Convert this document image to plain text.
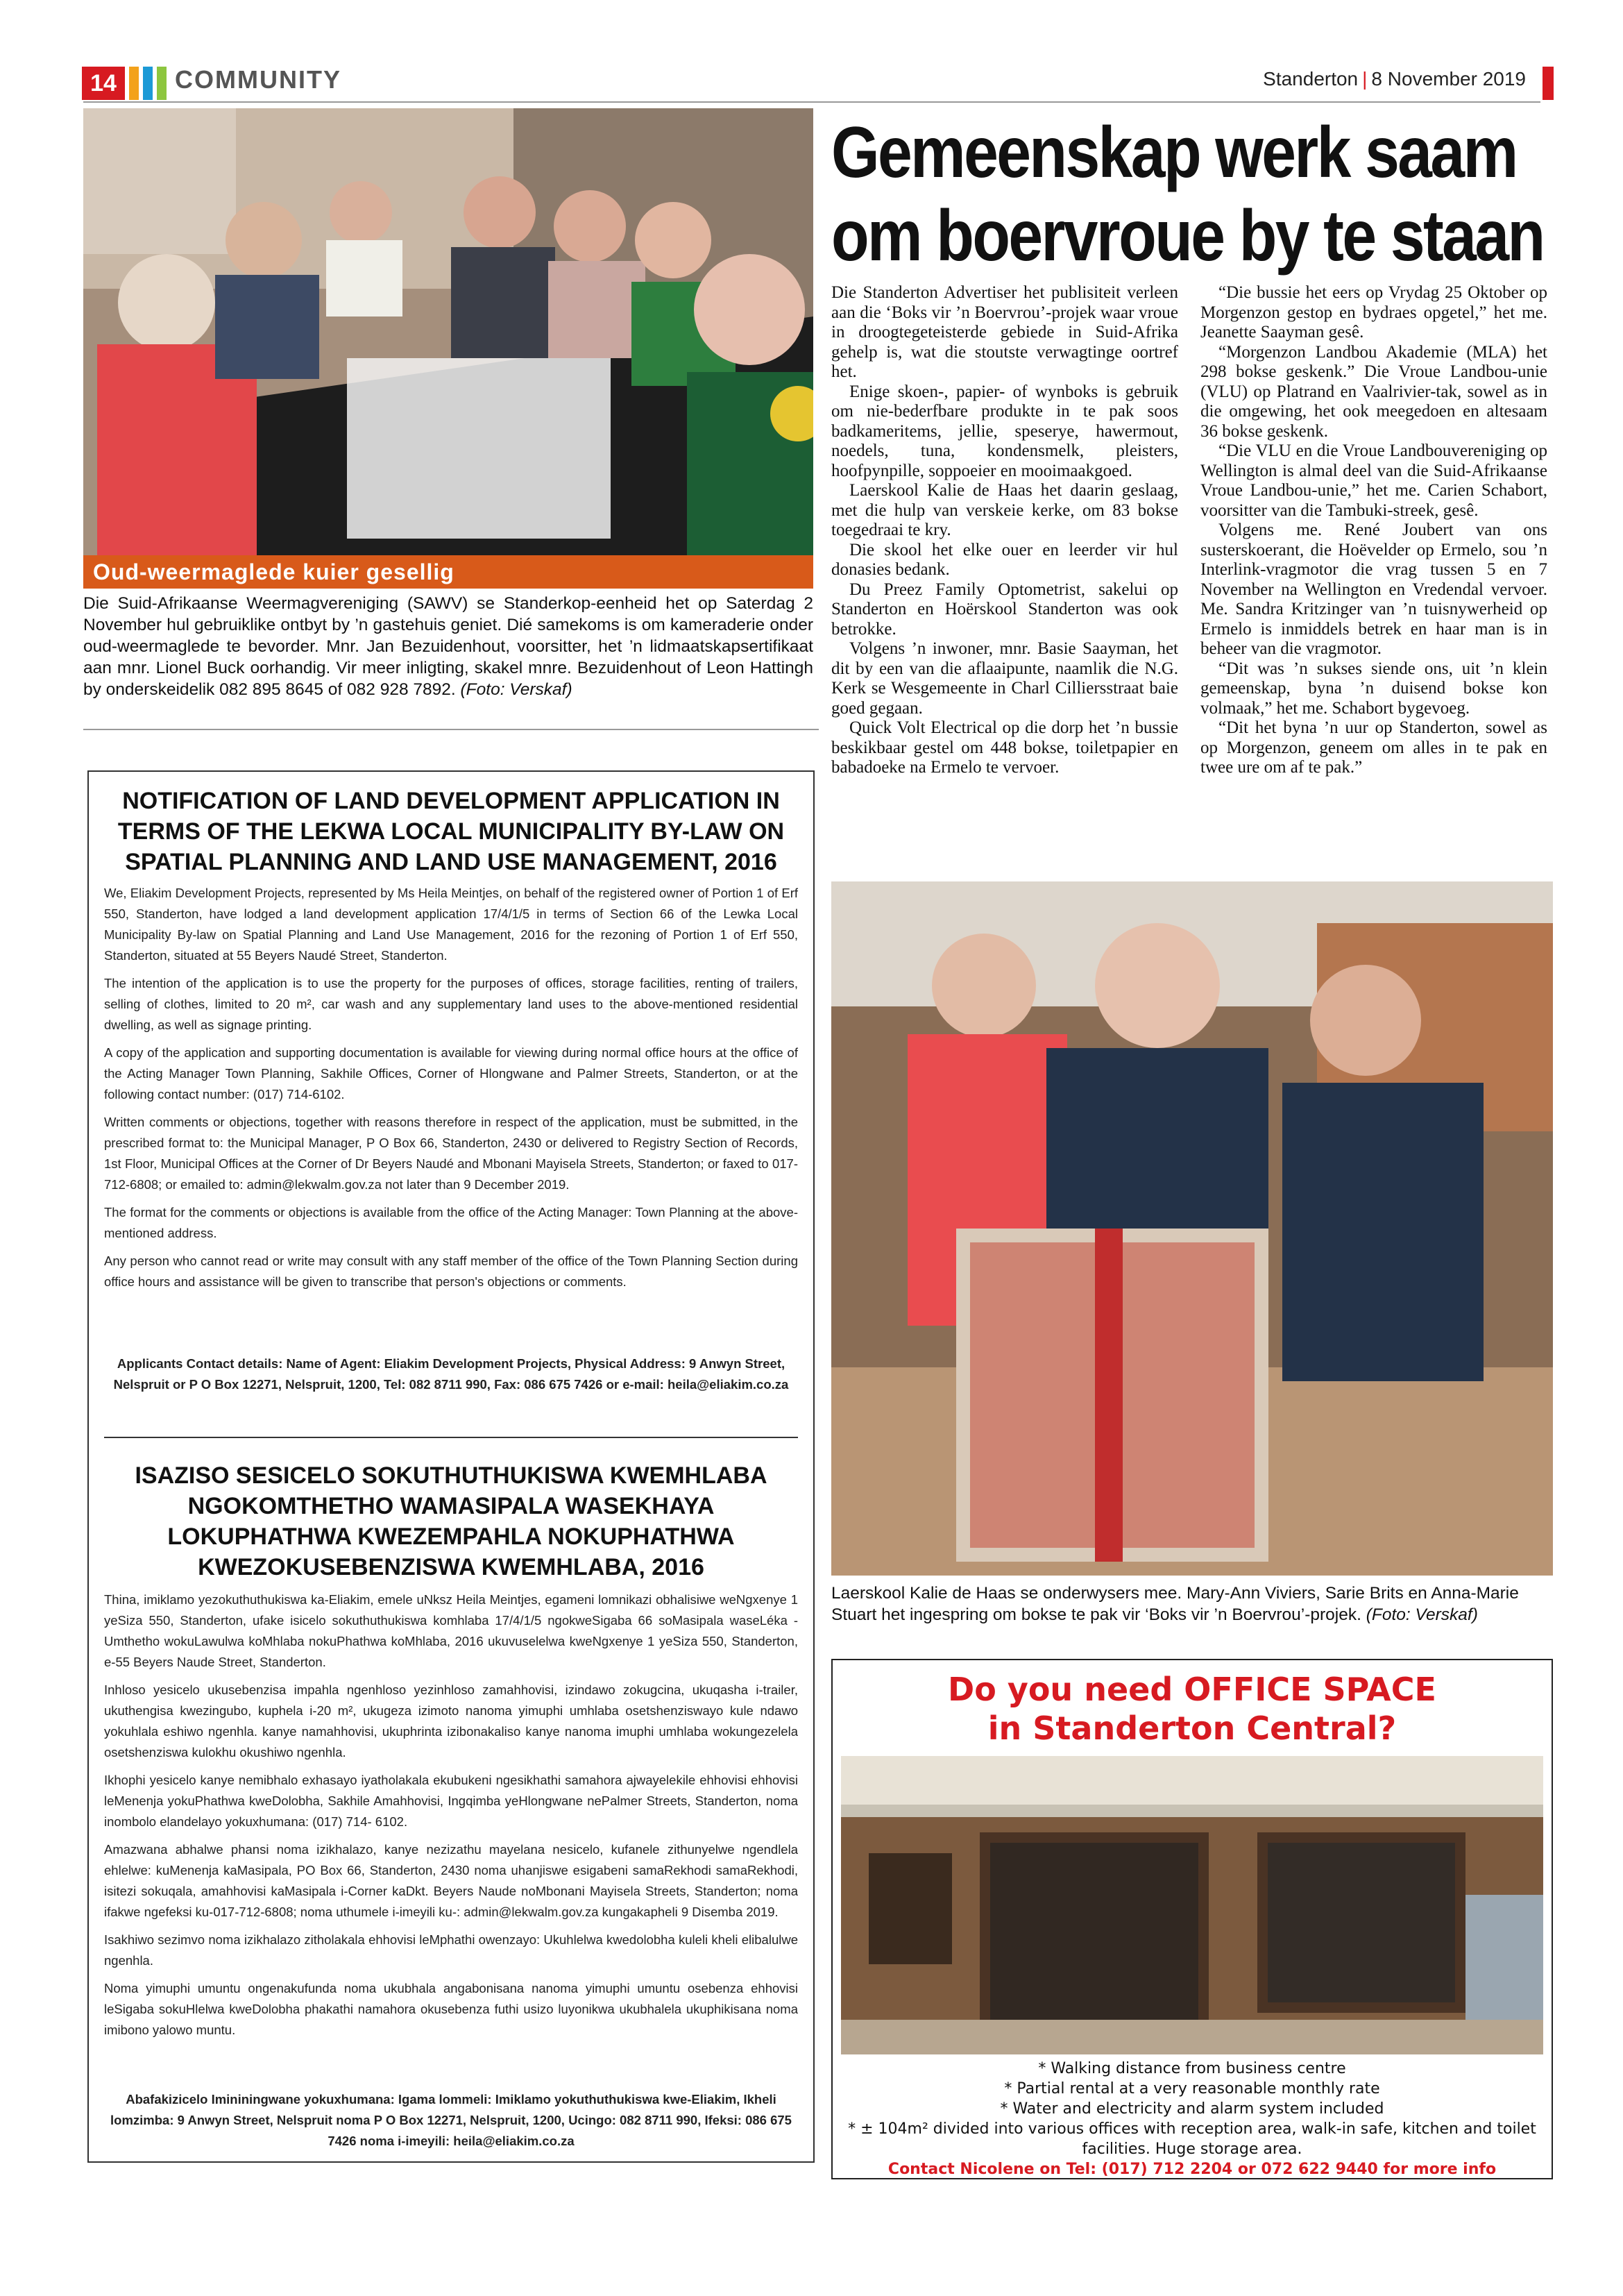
14	COMMUNITY	Standerton | 8 November 2019
Oud-weermaglede kuier gesellig
Die Suid-Afrikaanse Weermagvereniging (SAWV) se Standerkop-eenheid het op Saterdag 2 November hul gebruiklike ontbyt by ’n gastehuis geniet. Dié samekoms is om kameraderie onder oud-weermaglede te bevorder. Mnr. Jan Bezuidenhout, voorsitter, het ’n lidmaatskapsertifikaat aan mnr. Lionel Buck oorhandig. Vir meer inligting, skakel mnre. Bezuidenhout of Leon Hattingh by onderskeidelik 082 895 8645 of 082 928 7892. (Foto: Verskaf)
Gemeenskap werk saam
om boervroue by te staan

Die Standerton Advertiser het publisiteit verleen aan die ‘Boks vir ’n Boervrou’-projek waar vroue in droogtegeteisterde gebiede in Suid-Afrika gehelp is, wat die stoutste verwagtinge oortref het.

Enige skoen-, papier- of wynboks is gebruik om nie-bederfbare produkte in te pak soos badkameritems, jellie, speserye, hawermout, noedels, tuna, kondensmelk, pleisters, hoofpynpille, soppoeier en mooimaakgoed.

Laerskool Kalie de Haas het daarin geslaag, met die hulp van verskeie kerke, om 83 bokse toegedraai te kry.

Die skool het elke ouer en leerder vir hul donasies bedank.

Du Preez Family Optometrist, sakelui op Standerton en Hoërskool Standerton was ook betrokke.

Volgens ’n inwoner, mnr. Basie Saayman, het dit by een van die aflaaipunte, naamlik die N.G. Kerk se Wesgemeente in Charl Cilliersstraat baie goed gegaan.

Quick Volt Electrical op die dorp het ’n bussie beskikbaar gestel om 448 bokse, toiletpapier en babadoeke na Ermelo te vervoer.

“Die bussie het eers op Vrydag 25 Oktober op Morgenzon gestop en bydraes opgetel,” het me. Jeanette Saayman gesê.

“Morgenzon Landbou Akademie (MLA) het 298 bokse geskenk.” Die Vroue Landbou-unie (VLU) op Platrand en Vaalrivier-tak, sowel as in die omgewing, het ook meegedoen en altesaam 36 bokse geskenk.

“Die VLU en die Vroue Landbouvereniging op Wellington is almal deel van die Suid-Afrikaanse Vroue Landbou-unie,” het me. Carien Schabort, voorsitter van die Tambuki-streek, gesê.

Volgens me. René Joubert van ons susterskoerant, die Hoëvelder op Ermelo, sou ’n Interlink-vragmotor die vrag tussen 5 en 7 November na Wellington en Vredendal vervoer. Me. Sandra Kritzinger van ’n tuisnywerheid op Ermelo is inmiddels betrek en haar man is in beheer van die vragmotor.

“Dit was ’n sukses siende ons, uit ’n klein gemeenskap, byna ’n duisend bokse kon volmaak,” het me. Schabort bygevoeg.

“Dit het byna ’n uur op Standerton, sowel as op Morgenzon, geneem om alles in te pak en twee ure om af te pak.”

Laerskool Kalie de Haas se onderwysers mee. Mary-Ann Viviers, Sarie Brits en Anna-Marie Stuart het ingespring om bokse te pak vir ‘Boks vir ’n Boervrou’-projek. (Foto: Verskaf)
NOTIFICATION OF LAND DEVELOPMENT APPLICATION IN TERMS OF THE LEKWA LOCAL MUNICIPALITY BY-LAW ON SPATIAL PLANNING AND LAND USE MANAGEMENT, 2016

We, Eliakim Development Projects, represented by Ms Heila Meintjes, on behalf of the registered owner of Portion 1 of Erf 550, Standerton, have lodged a land development application 17/4/1/5 in terms of Section 66 of the Lewka Local Municipality By-law on Spatial Planning and Land Use Management, 2016 for the rezoning of Portion 1 of Erf 550, Standerton, situated at 55 Beyers Naudé Street, Standerton.

The intention of the application is to use the property for the purposes of offices, storage facilities, renting of trailers, selling of clothes, limited to 20 m², car wash and any supplementary land uses to the above-mentioned residential dwelling, as well as signage printing.

A copy of the application and supporting documentation is available for viewing during normal office hours at the office of the Acting Manager Town Planning, Sakhile Offices, Corner of Hlongwane and Palmer Streets, Standerton, or at the following contact number: (017) 714-6102.

Written comments or objections, together with reasons therefore in respect of the application, must be submitted, in the prescribed format to: the Municipal Manager, P O Box 66, Standerton, 2430 or delivered to Registry Section of Records, 1st Floor, Municipal Offices at the Corner of Dr Beyers Naudé and Mbonani Mayisela Streets, Standerton; or faxed to 017-712-6808; or emailed to: admin@lekwalm.gov.za not later than 9 December 2019.

The format for the comments or objections is available from the office of the Acting Manager: Town Planning at the above-mentioned address.

Any person who cannot read or write may consult with any staff member of the office of the Town Planning Section during office hours and assistance will be given to transcribe that person's objections or comments.

Applicants Contact details: Name of Agent: Eliakim Development Projects, Physical Address: 9 Anwyn Street, Nelspruit or P O Box 12271, Nelspruit, 1200, Tel: 082 8711 990, Fax: 086 675 7426 or e-mail: heila@eliakim.co.za
ISAZISO SESICELO SOKUTHUTHUKISWA KWEMHLABA NGOKOMTHETHO WAMASIPALA WASEKHAYA LOKUPHATHWA KWEZEMPAHLA NOKUPHATHWA KWEZOKUSEBENZISWA KWEMHLABA, 2016

Thina, imiklamo yezokuthuthukiswa ka-Eliakim, emele uNksz Heila Meintjes, egameni lomnikazi obhalisiwe weNgxenye 1 yeSiza 550, Standerton, ufake isicelo sokuthuthukiswa komhlaba 17/4/1/5 ngokweSigaba 66 soMasipala waseLéka -Umthetho wokuLawulwa koMhlaba nokuPhathwa koMhlaba, 2016 ukuvuselelwa kweNgxenye 1 yeSiza 550, Standerton, e-55 Beyers Naude Street, Standerton.

Inhloso yesicelo ukusebenzisa impahla ngenhloso yezinhloso zamahhovisi, izindawo zokugcina, ukuqasha i-trailer, ukuthengisa kwezingubo, kuphela i-20 m², ukugeza izimoto nanoma yimuphi umhlaba osetshenziswayo kule ndawo yokuhlala eshiwo ngenhla. kanye namahhovisi, ukuphrinta izibonakaliso kanye nanoma imuphi umhlaba wokungezelela osetshenziswa kulokhu okushiwo ngenhla.

Ikhophi yesicelo kanye nemibhalo exhasayo iyatholakala ekubukeni ngesikhathi samahora ajwayelekile ehhovisi ehhovisi leMenenja yokuPhathwa kweDolobha, Sakhile Amahhovisi, Ingqimba yeHlongwane nePalmer Streets, Standerton, noma inombolo elandelayo yokuxhumana: (017) 714- 6102.

Amazwana abhalwe phansi noma izikhalazo, kanye nezizathu mayelana nesicelo, kufanele zithunyelwe ngendlela ehlelwe: kuMenenja kaMasipala, PO Box 66, Standerton, 2430 noma uhanjiswe esigabeni samaRekhodi samaRekhodi, isitezi sokuqala, amahhovisi kaMasipala i-Corner kaDkt. Beyers Naude noMbonani Mayisela Streets, Standerton; noma ifakwe ngefeksi ku-017-712-6808; noma uthumele i-imeyili ku-: admin@lekwalm.gov.za kungakapheli 9 Disemba 2019.

Isakhiwo sezimvo noma izikhalazo zitholakala ehhovisi leMphathi owenzayo: Ukuhlelwa kwedolobha kuleli kheli elibalulwe ngenhla.

Noma yimuphi umuntu ongenakufunda noma ukubhala angabonisana nanoma yimuphi umuntu osebenza ehhovisi leSigaba sokuHlelwa kweDolobha phakathi namahora okusebenza futhi usizo luyonikwa ukubhalela ukuphikisana noma imibono yalowo muntu.

Abafakizicelo Imininingwane yokuxhumana: Igama lommeli: Imiklamo yokuthuthukiswa kwe-Eliakim, Ikheli lomzimba: 9 Anwyn Street, Nelspruit noma P O Box 12271, Nelspruit, 1200, Ucingo: 082 8711 990, Ifeksi: 086 675 7426 noma i-imeyili: heila@eliakim.co.za
Do you need OFFICE SPACE
in Standerton Central?
* Walking distance from business centre
* Partial rental at a very reasonable monthly rate
* Water and electricity and alarm system included
* ± 104m² divided into various offices with reception area, walk-in safe, kitchen and toilet facilities. Huge storage area.
Contact Nicolene on Tel: (017) 712 2204 or 072 622 9440 for more info
